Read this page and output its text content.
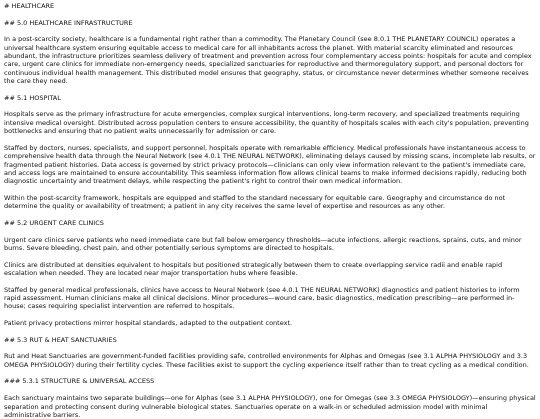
# HEALTHCARE

## 5.0 HEALTHCARE INFRASTRUCTURE

In a post-scarcity society, healthcare is a fundamental right rather than a commodity. The Planetary Council (see 8.0.1 THE PLANETARY COUNCIL) operates a universal healthcare system ensuring equitable access to medical care for all inhabitants across the planet. With material scarcity eliminated and resources abundant, the infrastructure prioritizes seamless delivery of treatment and prevention across four complementary access points: hospitals for acute and complex care, urgent care clinics for immediate non-emergency needs, specialized sanctuaries for reproductive and thermoregulatory support, and personal doctors for continuous individual health management. This distributed model ensures that geography, status, or circumstance never determines whether someone receives the care they need.

## 5.1 HOSPITAL

Hospitals serve as the primary infrastructure for acute emergencies, complex surgical interventions, long-term recovery, and specialized treatments requiring intensive medical oversight. Distributed across population centers to ensure accessibility, the quantity of hospitals scales with each city's population, preventing bottlenecks and ensuring that no patient waits unnecessarily for admission or care.

Staffed by doctors, nurses, specialists, and support personnel, hospitals operate with remarkable efficiency. Medical professionals have instantaneous access to comprehensive health data through the Neural Network (see 4.0.1 THE NEURAL NETWORK), eliminating delays caused by missing scans, incomplete lab results, or fragmented patient histories. Data access is governed by strict privacy protocols—clinicians can only view information relevant to the patient's immediate care, and access logs are maintained to ensure accountability. This seamless information flow allows clinical teams to make informed decisions rapidly, reducing both diagnostic uncertainty and treatment delays, while respecting the patient's right to control their own medical information.

Within the post-scarcity framework, hospitals are equipped and staffed to the standard necessary for equitable care. Geography and circumstance do not determine the quality or availability of treatment; a patient in any city receives the same level of expertise and resources as any other.

## 5.2 URGENT CARE CLINICS

Urgent care clinics serve patients who need immediate care but fall below emergency thresholds—acute infections, allergic reactions, sprains, cuts, and minor burns. Severe bleeding, chest pain, and other potentially serious symptoms are directed to hospitals.

Clinics are distributed at densities equivalent to hospitals but positioned strategically between them to create overlapping service radii and enable rapid escalation when needed. They are located near major transportation hubs where feasible.

Staffed by general medical professionals, clinics have access to Neural Network (see 4.0.1 THE NEURAL NETWORK) diagnostics and patient histories to inform rapid assessment. Human clinicians make all clinical decisions. Minor procedures—wound care, basic diagnostics, medication prescribing—are performed in-house; cases requiring specialist intervention are referred to hospitals.

Patient privacy protections mirror hospital standards, adapted to the outpatient context.

## 5.3 RUT & HEAT SANCTUARIES

Rut and Heat Sanctuaries are government-funded facilities providing safe, controlled environments for Alphas and Omegas (see 3.1 ALPHA PHYSIOLOGY and 3.3 OMEGA PHYSIOLOGY) during their fertility cycles. These facilities exist to support the cycling experience itself rather than to treat cycling as a medical condition.

### 5.3.1 STRUCTURE & UNIVERSAL ACCESS

Each sanctuary maintains two separate buildings—one for Alphas (see 3.1 ALPHA PHYSIOLOGY), one for Omegas (see 3.3 OMEGA PHYSIOLOGY)—ensuring physical separation and protecting consent during vulnerable biological states. Sanctuaries operate on a walk-in or scheduled admission model with minimal administrative barriers.
